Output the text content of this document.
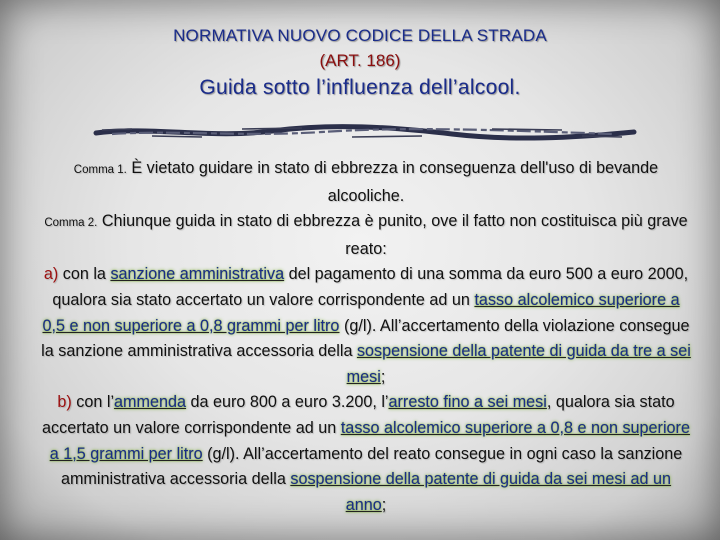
NORMATIVA NUOVO CODICE DELLA STRADA
(ART. 186)
Guida sotto l’influenza dell’alcool.
Comma 1. È vietato guidare in stato di ebbrezza in conseguenza dell'uso di bevande alcooliche.
Comma 2. Chiunque guida in stato di ebbrezza è punito, ove il fatto non costituisca più grave reato:
a) con la sanzione amministrativa del pagamento di una somma da euro 500 a euro 2000, qualora sia stato accertato un valore corrispondente ad un tasso alcolemico superiore a 0,5 e non superiore a 0,8 grammi per litro (g/l). All’accertamento della violazione consegue la sanzione amministrativa accessoria della sospensione della patente di guida da tre a sei mesi;
b) con l’ammenda da euro 800 a euro 3.200, l’arresto fino a sei mesi, qualora sia stato accertato un valore corrispondente ad un tasso alcolemico superiore a 0,8 e non superiore a 1,5 grammi per litro (g/l). All’accertamento del reato consegue in ogni caso la sanzione amministrativa accessoria della sospensione della patente di guida da sei mesi ad un anno;
